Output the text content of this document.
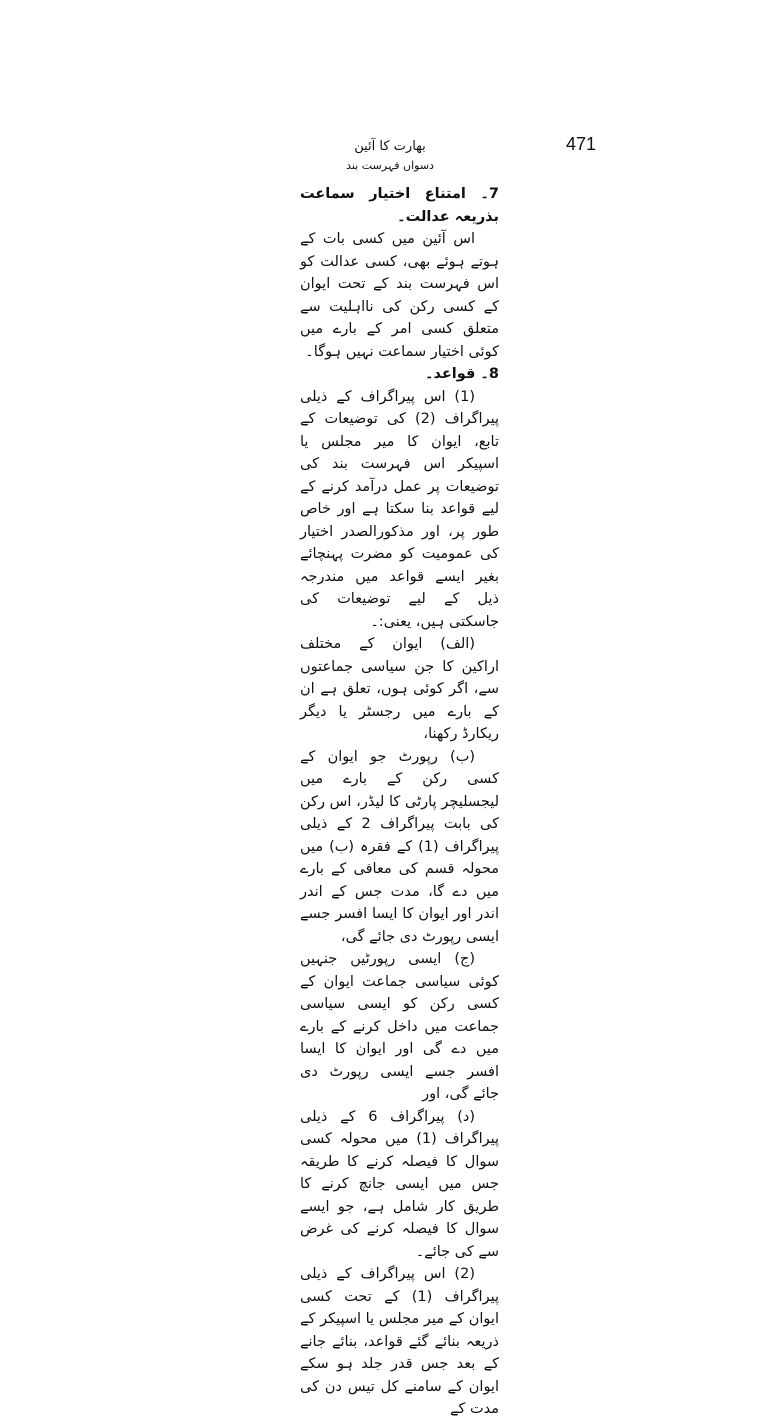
471
بھارت کا آئین
دسواں فہرست بند

7۔ امتناع اختیار سماعت بذریعہ عدالت۔

اس آئین میں کسی بات کے ہوتے ہوئے بھی، کسی عدالت کو اس فہرست بند کے تحت ایوان کے کسی رکن کی نااہلیت سے متعلق کسی امر کے بارے میں کوئی اختیار سماعت نہیں ہوگا۔

8۔ قواعد۔

(1) اس پیراگراف کے ذیلی پیراگراف (2) کی توضیعات کے تابع، ایوان کا میر مجلس یا اسپیکر اس فہرست بند کی توضیعات پر عمل درآمد کرنے کے لیے قواعد بنا سکتا ہے اور خاص طور پر، اور مذکورالصدر اختیار کی عمومیت کو مضرت پہنچائے بغیر ایسے قواعد میں مندرجہ ذیل کے لیے توضیعات کی جاسکتی ہیں، یعنی:۔

(الف) ایوان کے مختلف اراکین کا جن سیاسی جماعتوں سے، اگر کوئی ہوں، تعلق ہے ان کے بارے میں رجسٹر یا دیگر ریکارڈ رکھنا،

(ب) رپورٹ جو ایوان کے کسی رکن کے بارے میں لیجسلیچر پارٹی کا لیڈر، اس رکن کی بابت پیراگراف 2 کے ذیلی پیراگراف (1) کے فقرہ (ب) میں محولہ قسم کی معافی کے بارے میں دے گا، مدت جس کے اندر اندر اور ایوان کا ایسا افسر جسے ایسی رپورٹ دی جائے گی،

(ج) ایسی رپورٹیں جنہیں کوئی سیاسی جماعت ایوان کے کسی رکن کو ایسی سیاسی جماعت میں داخل کرنے کے بارے میں دے گی اور ایوان کا ایسا افسر جسے ایسی رپورٹ دی جائے گی، اور

(د) پیراگراف 6 کے ذیلی پیراگراف (1) میں محولہ کسی سوال کا فیصلہ کرنے کا طریقہ جس میں ایسی جانچ کرنے کا طریق کار شامل ہے، جو ایسے سوال کا فیصلہ کرنے کی غرض سے کی جائے۔

(2) اس پیراگراف کے ذیلی پیراگراف (1) کے تحت کسی ایوان کے میر مجلس یا اسپیکر کے ذریعہ بنائے گئے قواعد، بنائے جانے کے بعد جس قدر جلد ہو سکے ایوان کے سامنے کل تیس دن کی مدت کے
